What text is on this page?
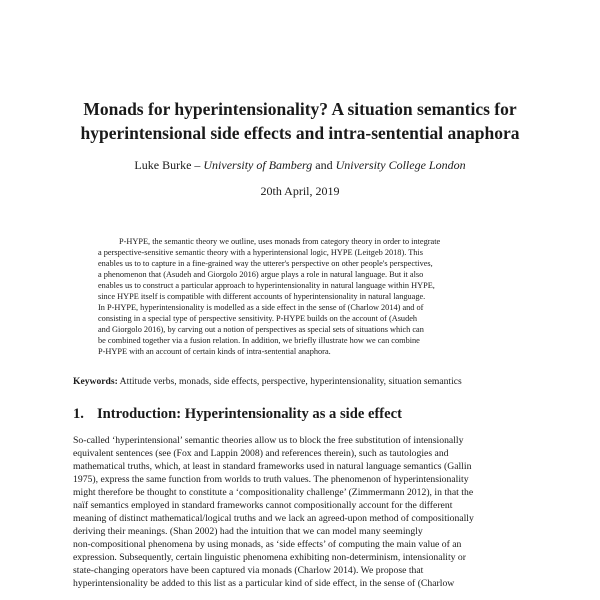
Monads for hyperintensionality? A situation semantics for
hyperintensional side effects and intra-sentential anaphora
Luke Burke – University of Bamberg and University College London
20th April, 2019
P-HYPE, the semantic theory we outline, uses monads from category theory in order to integrate
a perspective-sensitive semantic theory with a hyperintensional logic, HYPE (Leitgeb 2018). This
enables us to to capture in a fine-grained way the utterer's perspective on other people's perspectives,
a phenomenon that (Asudeh and Giorgolo 2016) argue plays a role in natural language. But it also
enables us to construct a particular approach to hyperintensionality in natural language within HYPE,
since HYPE itself is compatible with different accounts of hyperintensionality in natural language.
In P-HYPE, hyperintensionality is modelled as a side effect in the sense of (Charlow 2014) and of
consisting in a special type of perspective sensitivity. P-HYPE builds on the account of (Asudeh
and Giorgolo 2016), by carving out a notion of perspectives as special sets of situations which can
be combined together via a fusion relation. In addition, we briefly illustrate how we can combine
P-HYPE with an account of certain kinds of intra-sentential anaphora.
Keywords: Attitude verbs, monads, side effects, perspective, hyperintensionality, situation semantics
1. Introduction: Hyperintensionality as a side effect
So-called ‘hyperintensional’ semantic theories allow us to block the free substitution of intensionally
equivalent sentences (see (Fox and Lappin 2008) and references therein), such as tautologies and
mathematical truths, which, at least in standard frameworks used in natural language semantics (Gallin
1975), express the same function from worlds to truth values. The phenomenon of hyperintensionality
might therefore be thought to constitute a ‘compositionality challenge’ (Zimmermann 2012), in that the
naïf semantics employed in standard frameworks cannot compositionally account for the different
meaning of distinct mathematical/logical truths and we lack an agreed-upon method of compositionally
deriving their meanings. (Shan 2002) had the intuition that we can model many seemingly
non-compositional phenomena by using monads, as ‘side effects’ of computing the main value of an
expression. Subsequently, certain linguistic phenomena exhibiting non-determinism, intensionality or
state-changing operators have been captured via monads (Charlow 2014). We propose that
hyperintensionality be added to this list as a particular kind of side effect, in the sense of (Charlow
